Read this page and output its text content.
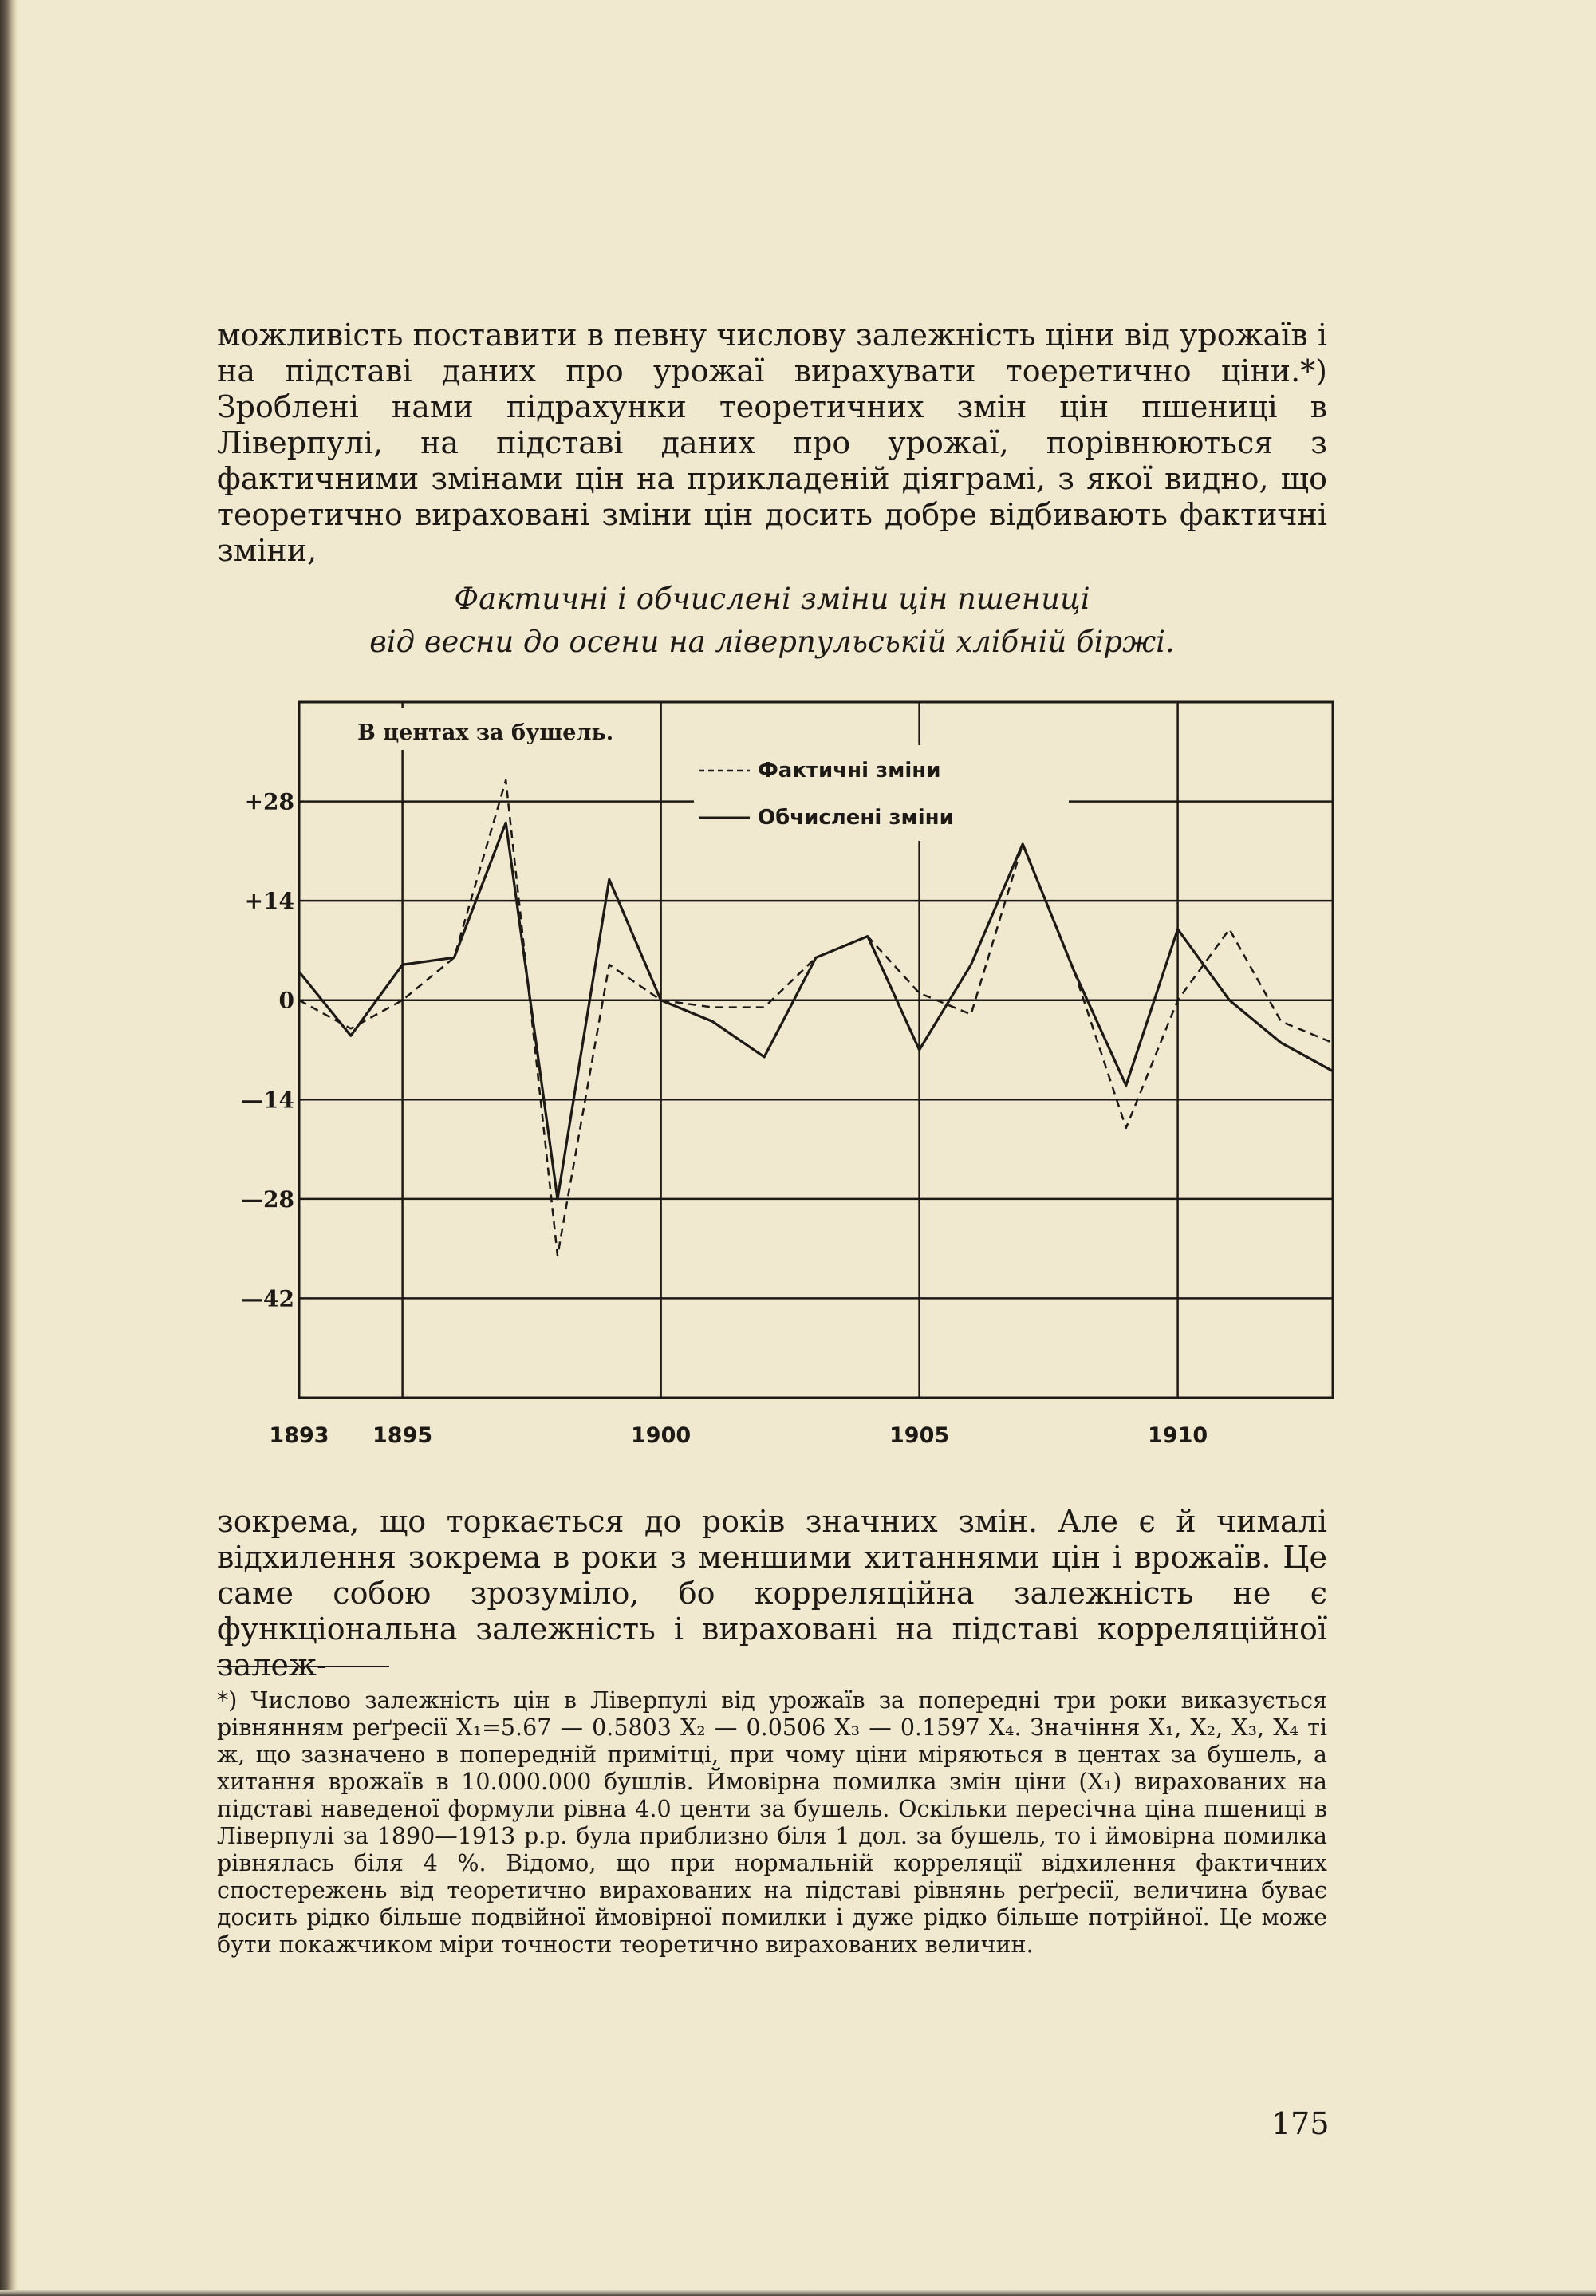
можливість поставити в певну числову залежність ціни від урожаїв і на підставі даних про урожаї вирахувати тоеретично ціни.*) Зроблені нами підрахунки теоретичних змін цін пшениці в Ліверпулі, на підставі даних про урожаї, порівнюються з фактичними змінами цін на прикладеній діяграмі, з якої видно, що теоретично вираховані зміни цін досить добре відбивають фактичні зміни,
Фактичні і обчислені зміни цін пшениці
від весни до осени на ліверпульській хлібній біржі.
+28
+14
0
—14
—28
—42
1893 1895	1900	1905	1910
В центах за бушель.
Фактичні зміни
Обчислені зміни
зокрема, що торкається до років значних змін. Але є й чималі відхилення зокрема в роки з меншими хитаннями цін і врожаїв. Це саме собою зрозуміло, бо корреляційна залежність не є функціональна залежність і вираховані на підставі корреляційної залеж-
*) Числово залежність цін в Ліверпулі від урожаїв за попередні три роки виказується рівнянням реґресії X₁=5.67 — 0.5803 X₂ — 0.0506 X₃ — 0.1597 X₄. Значіння X₁, X₂, X₃, X₄ ті ж, що зазначено в попередній примітці, при чому ціни міряються в центах за бушель, а хитання врожаїв в 10.000.000 бушлів. Ймовірна помилка змін ціни (X₁) вирахованих на підставі наведеної формули рівна 4.0 центи за бушель. Оскільки пересічна ціна пшениці в Ліверпулі за 1890—1913 р.р. була приблизно біля 1 дол. за бушель, то і ймовірна помилка рівнялась біля 4 %. Відомо, що при нормальній корреляції відхилення фактичних спостережень від теоретично вирахованих на підставі рівнянь реґресії, величина буває досить рідко більше подвійної ймовірної помилки і дуже рідко більше потрійної. Це може бути покажчиком міри точности теоретично вирахованих величин.
175
